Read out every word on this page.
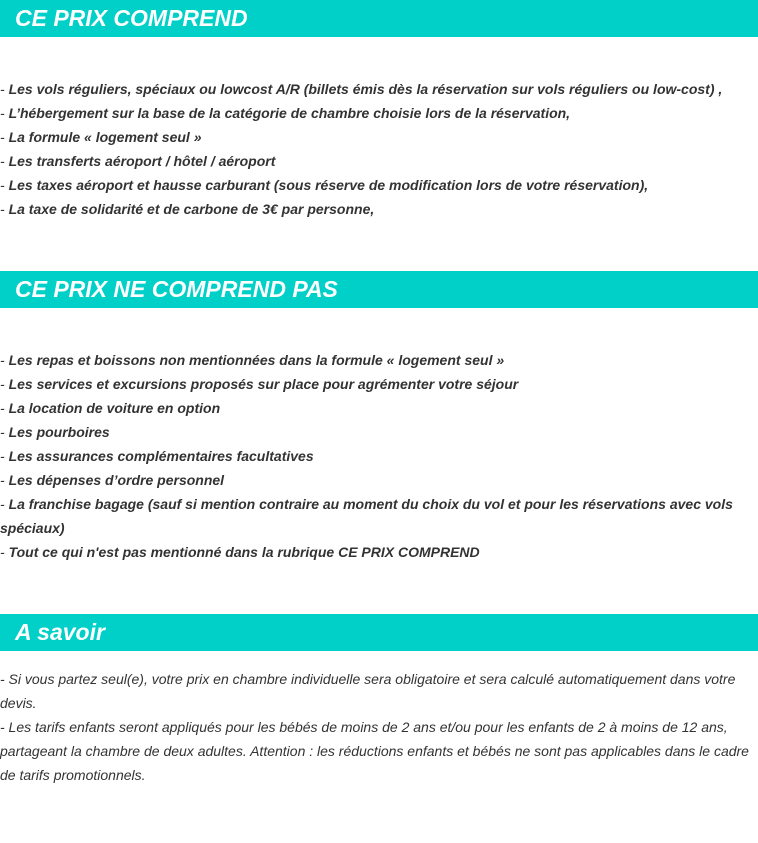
CE PRIX COMPREND
- Les vols réguliers, spéciaux ou lowcost A/R (billets émis dès la réservation sur vols réguliers ou low-cost) ,
- L’hébergement sur la base de la catégorie de chambre choisie lors de la réservation,
- La formule « logement seul »
- Les transferts aéroport / hôtel / aéroport
- Les taxes aéroport et hausse carburant (sous réserve de modification lors de votre réservation),
- La taxe de solidarité et de carbone de 3€ par personne,
CE PRIX NE COMPREND PAS
- Les repas et boissons non mentionnées dans la formule « logement seul »
- Les services et excursions proposés sur place pour agrémenter votre séjour
- La location de voiture en option
- Les pourboires
- Les assurances complémentaires facultatives
- Les dépenses d’ordre personnel
- La franchise bagage (sauf si mention contraire au moment du choix du vol et pour les réservations avec vols spéciaux)
- Tout ce qui n'est pas mentionné dans la rubrique CE PRIX COMPREND
A savoir
- Si vous partez seul(e), votre prix en chambre individuelle sera obligatoire et sera calculé automatiquement dans votre devis.
- Les tarifs enfants seront appliqués pour les bébés de moins de 2 ans et/ou pour les enfants de 2 à moins de 12 ans, partageant la chambre de deux adultes. Attention : les réductions enfants et bébés ne sont pas applicables dans le cadre de tarifs promotionnels.
